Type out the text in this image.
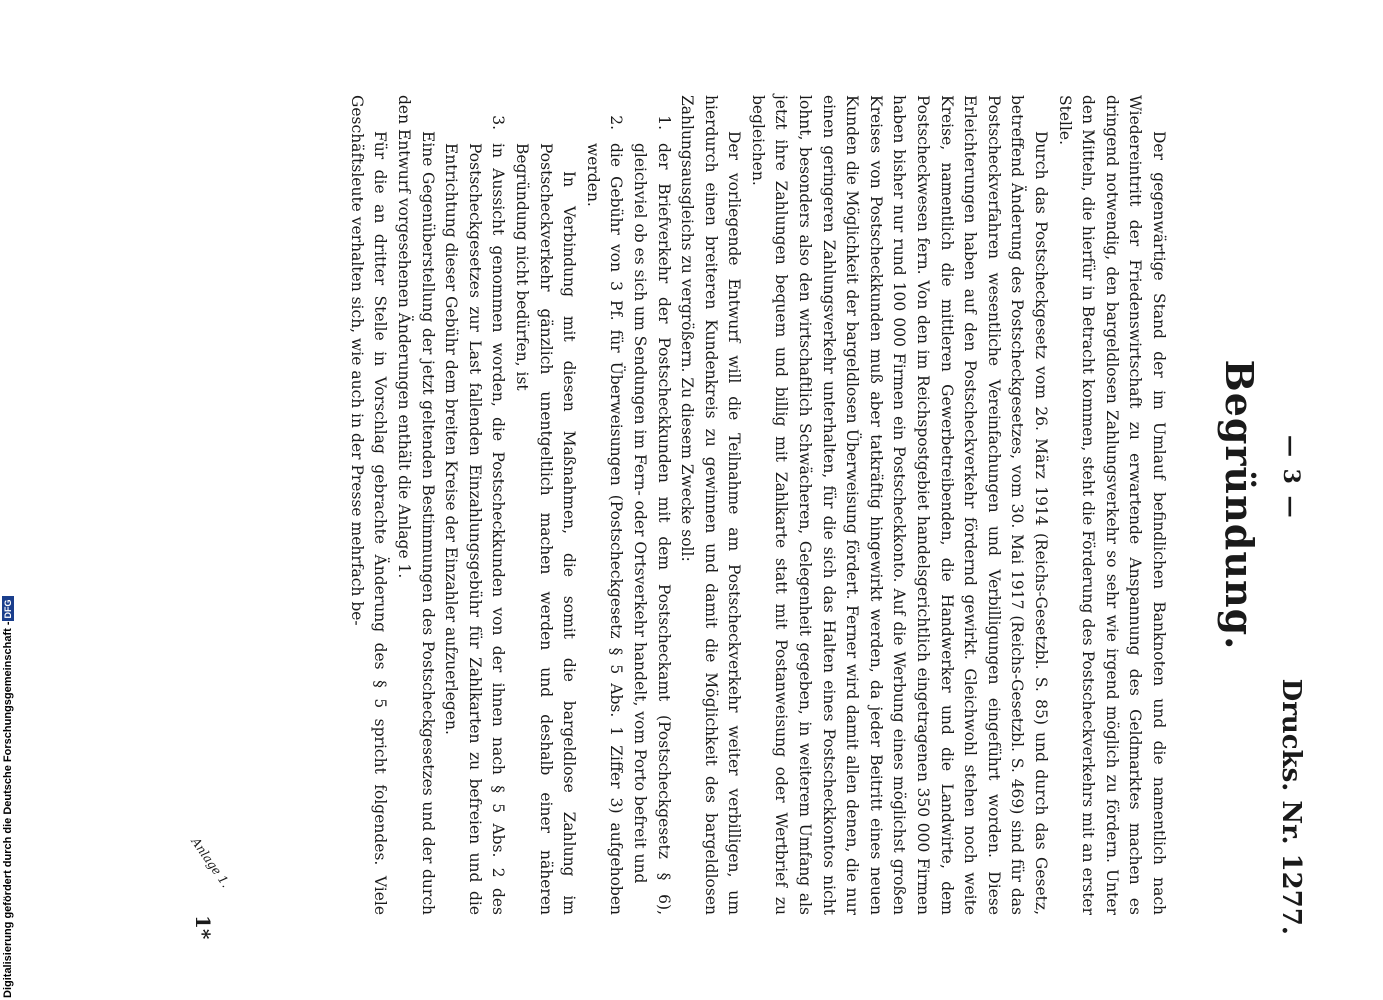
Digitalisierung gefördert durch die Deutsche Forschungsgemeinschaft -
DFG
— 3 —
Drucks. Nr. 1277.
Begründung.

Der gegenwärtige Stand der im Umlauf befindlichen Banknoten und die namentlich nach Wiedereintritt der Friedenswirtschaft zu erwartende Anspannung des Geldmarktes machen es dringend notwendig, den bargeldlosen Zahlungsverkehr so sehr wie irgend möglich zu fördern. Unter den Mitteln, die hierfür in Betracht kommen, steht die Förderung des Postscheckverkehrs mit an erster Stelle.

Durch das Postscheckgesetz vom 26. März 1914 (Reichs-Gesetzbl. S. 85) und durch das Gesetz, betreffend Änderung des Postscheckgesetzes, vom 30. Mai 1917 (Reichs-Gesetzbl. S. 469) sind für das Postscheckverfahren wesentliche Vereinfachungen und Verbilligungen eingeführt worden. Diese Erleichterungen haben auf den Postscheckverkehr fördernd gewirkt. Gleichwohl stehen noch weite Kreise, namentlich die mittleren Gewerbetreibenden, die Handwerker und die Landwirte, dem Postscheckwesen fern. Von den im Reichspostgebiet handelsgerichtlich eingetragenen 350 000 Firmen haben bisher nur rund 100 000 Firmen ein Postscheckkonto. Auf die Werbung eines möglichst großen Kreises von Postscheckkunden muß aber tatkräftig hingewirkt werden, da jeder Beitritt eines neuen Kunden die Möglichkeit der bargeldlosen Überweisung fördert. Ferner wird damit allen denen, die nur einen geringeren Zahlungsverkehr unterhalten, für die sich das Halten eines Postscheckkontos nicht lohnt, besonders also den wirtschaftlich Schwächeren, Gelegenheit gegeben, in weiterem Umfang als jetzt ihre Zahlungen bequem und billig mit Zahlkarte statt mit Postanweisung oder Wertbrief zu begleichen.

Der vorliegende Entwurf will die Teilnahme am Postscheckverkehr weiter verbilligen, um hierdurch einen breiteren Kundenkreis zu gewinnen und damit die Möglichkeit des bargeldlosen Zahlungsausgleichs zu vergrößern. Zu diesem Zwecke soll:

1. der Briefverkehr der Postscheckkunden mit dem Postscheckamt (Postscheckgesetz § 6), gleichviel ob es sich um Sendungen im Fern- oder Ortsverkehr handelt, vom Porto befreit und
2. die Gebühr von 3 Pf. für Überweisungen (Postscheckgesetz § 5 Abs. 1 Ziffer 3) aufgehoben werden.

In Verbindung mit diesen Maßnahmen, die somit die bargeldlose Zahlung im Postscheckverkehr gänzlich unentgeltlich machen werden und deshalb einer näheren Begründung nicht bedürfen, ist

3. in Aussicht genommen worden, die Postscheckkunden von der ihnen nach § 5 Abs. 2 des Postscheckgesetzes zur Last fallenden Einzahlungsgebühr für Zahlkarten zu befreien und die Entrichtung dieser Gebühr dem breiten Kreise der Einzahler aufzuerlegen.

Eine Gegenüberstellung der jetzt geltenden Bestimmungen des Postscheckgesetzes und der durch den Entwurf vorgesehenen Änderungen enthält die Anlage 1.

Für die an dritter Stelle in Vorschlag gebrachte Änderung des § 5 spricht folgendes. Viele Geschäftsleute verhalten sich, wie auch in der Presse mehrfach be-

Anlage 1.
1*
